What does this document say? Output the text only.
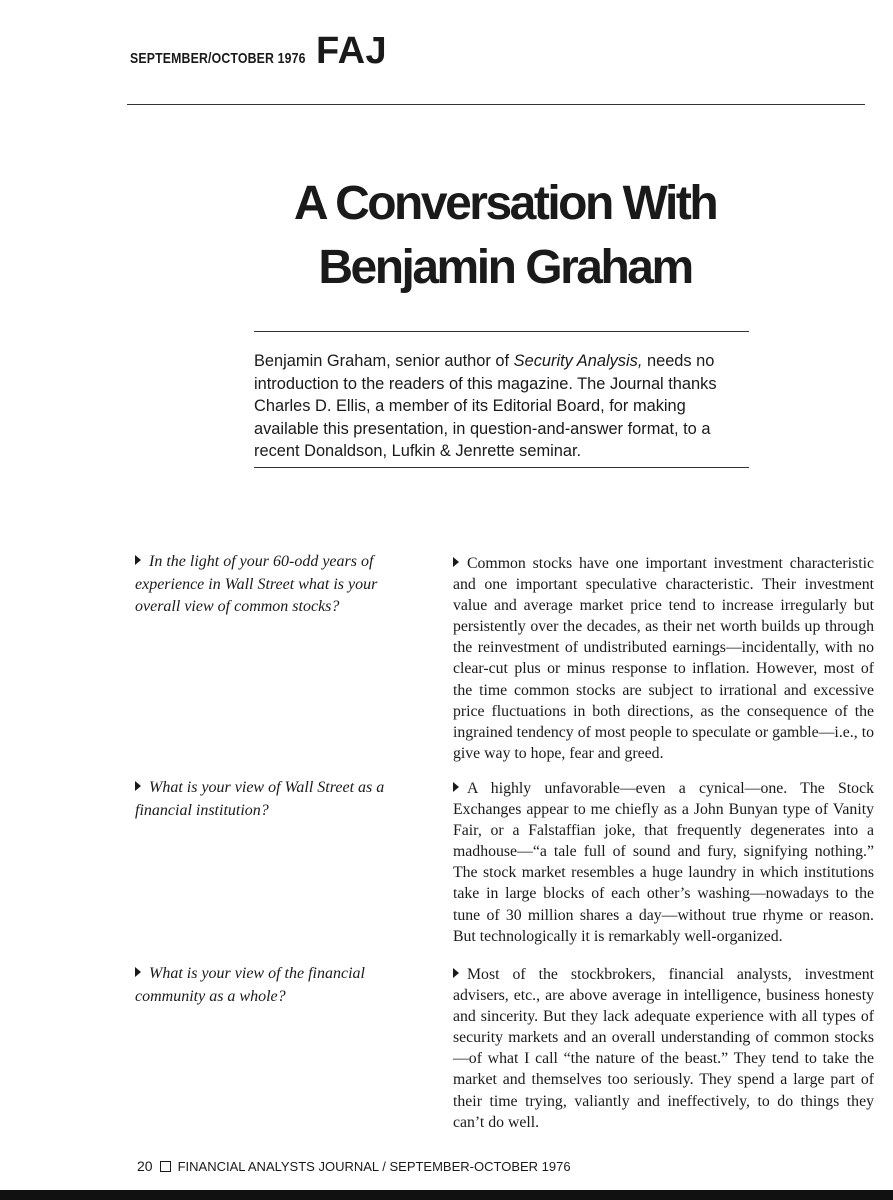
SEPTEMBER/OCTOBER 1976 FAJ
A Conversation With
Benjamin Graham
Benjamin Graham, senior author of Security Analysis, needs no introduction to the readers of this magazine. The Journal thanks Charles D. Ellis, a member of its Editorial Board, for making available this presentation, in question-and-answer format, to a recent Donaldson, Lufkin & Jenrette seminar.
In the light of your 60-odd years of experience in Wall Street what is your overall view of common stocks?
Common stocks have one important investment characteristic and one important speculative characteristic. Their investment value and average market price tend to increase irregularly but persistently over the decades, as their net worth builds up through the reinvestment of undistributed earnings—incidentally, with no clear-cut plus or minus response to inflation. However, most of the time common stocks are subject to irrational and excessive price fluctuations in both directions, as the consequence of the ingrained tendency of most people to speculate or gamble—i.e., to give way to hope, fear and greed.
What is your view of Wall Street as a financial institution?
A highly unfavorable—even a cynical—one. The Stock Exchanges appear to me chiefly as a John Bunyan type of Vanity Fair, or a Falstaffian joke, that frequently degenerates into a madhouse—“a tale full of sound and fury, signifying nothing.” The stock market resembles a huge laundry in which institutions take in large blocks of each other’s washing—nowadays to the tune of 30 million shares a day—without true rhyme or reason. But technologically it is remarkably well-organized.
What is your view of the financial community as a whole?
Most of the stockbrokers, financial analysts, investment advisers, etc., are above average in intelligence, business honesty and sincerity. But they lack adequate experience with all types of security markets and an overall understanding of common stocks—of what I call “the nature of the beast.” They tend to take the market and themselves too seriously. They spend a large part of their time trying, valiantly and ineffectively, to do things they can’t do well.
20 FINANCIAL ANALYSTS JOURNAL / SEPTEMBER-OCTOBER 1976
